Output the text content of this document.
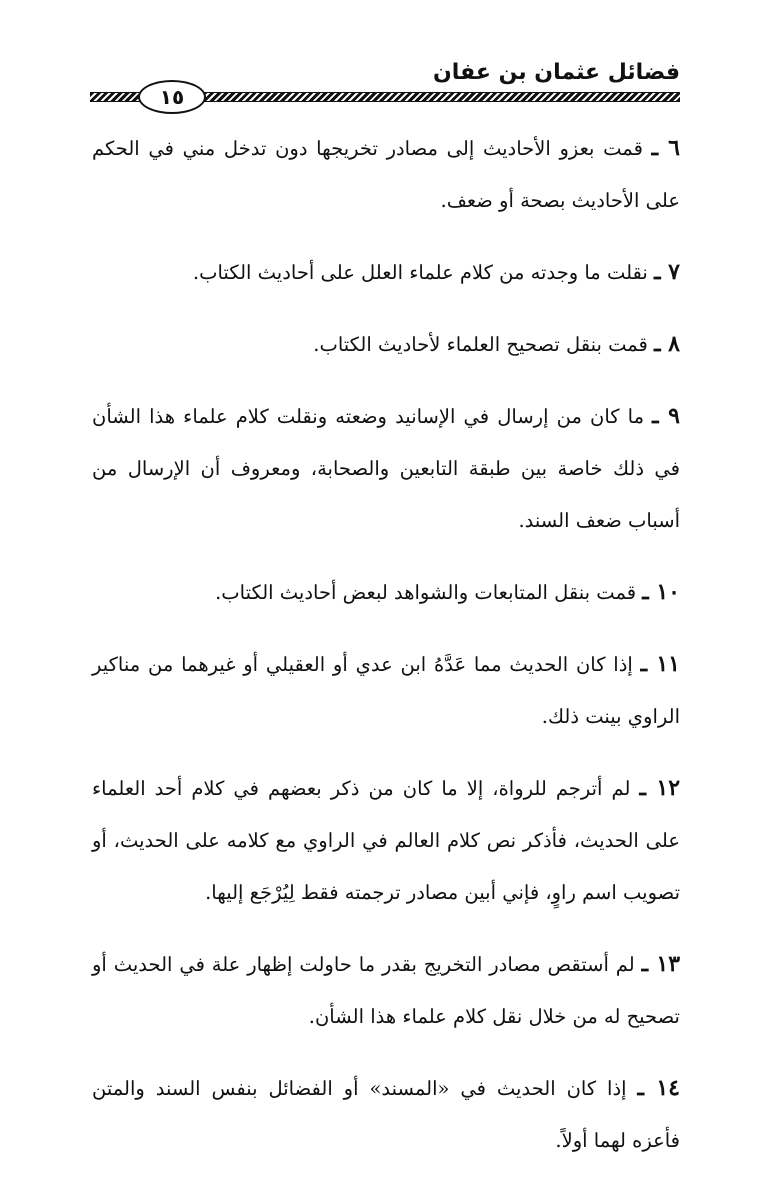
فضائل عثمان بن عفان
١٥

٦ ـ قمت بعزو الأحاديث إلى مصادر تخريجها دون تدخل مني في الحكم على الأحاديث بصحة أو ضعف.

٧ ـ نقلت ما وجدته من كلام علماء العلل على أحاديث الكتاب.

٨ ـ قمت بنقل تصحيح العلماء لأحاديث الكتاب.

٩ ـ ما كان من إرسال في الإسانيد وضعته ونقلت كلام علماء هذا الشأن في ذلك خاصة بين طبقة التابعين والصحابة، ومعروف أن الإرسال من أسباب ضعف السند.

١٠ ـ قمت بنقل المتابعات والشواهد لبعض أحاديث الكتاب.

١١ ـ إذا كان الحديث مما عَدَّهُ ابن عدي أو العقيلي أو غيرهما من مناكير الراوي بينت ذلك.

١٢ ـ لم أترجم للرواة، إلا ما كان من ذكر بعضهم في كلام أحد العلماء على الحديث، فأذكر نص كلام العالم في الراوي مع كلامه على الحديث، أو تصويب اسم راوٍ، فإني أبين مصادر ترجمته فقط لِيُرْجَع إليها.

١٣ ـ لم أستقص مصادر التخريج بقدر ما حاولت إظهار علة في الحديث أو تصحيح له من خلال نقل كلام علماء هذا الشأن.

١٤ ـ إذا كان الحديث في «المسند» أو الفضائل بنفس السند والمتن فأعزه لهما أولاً.
